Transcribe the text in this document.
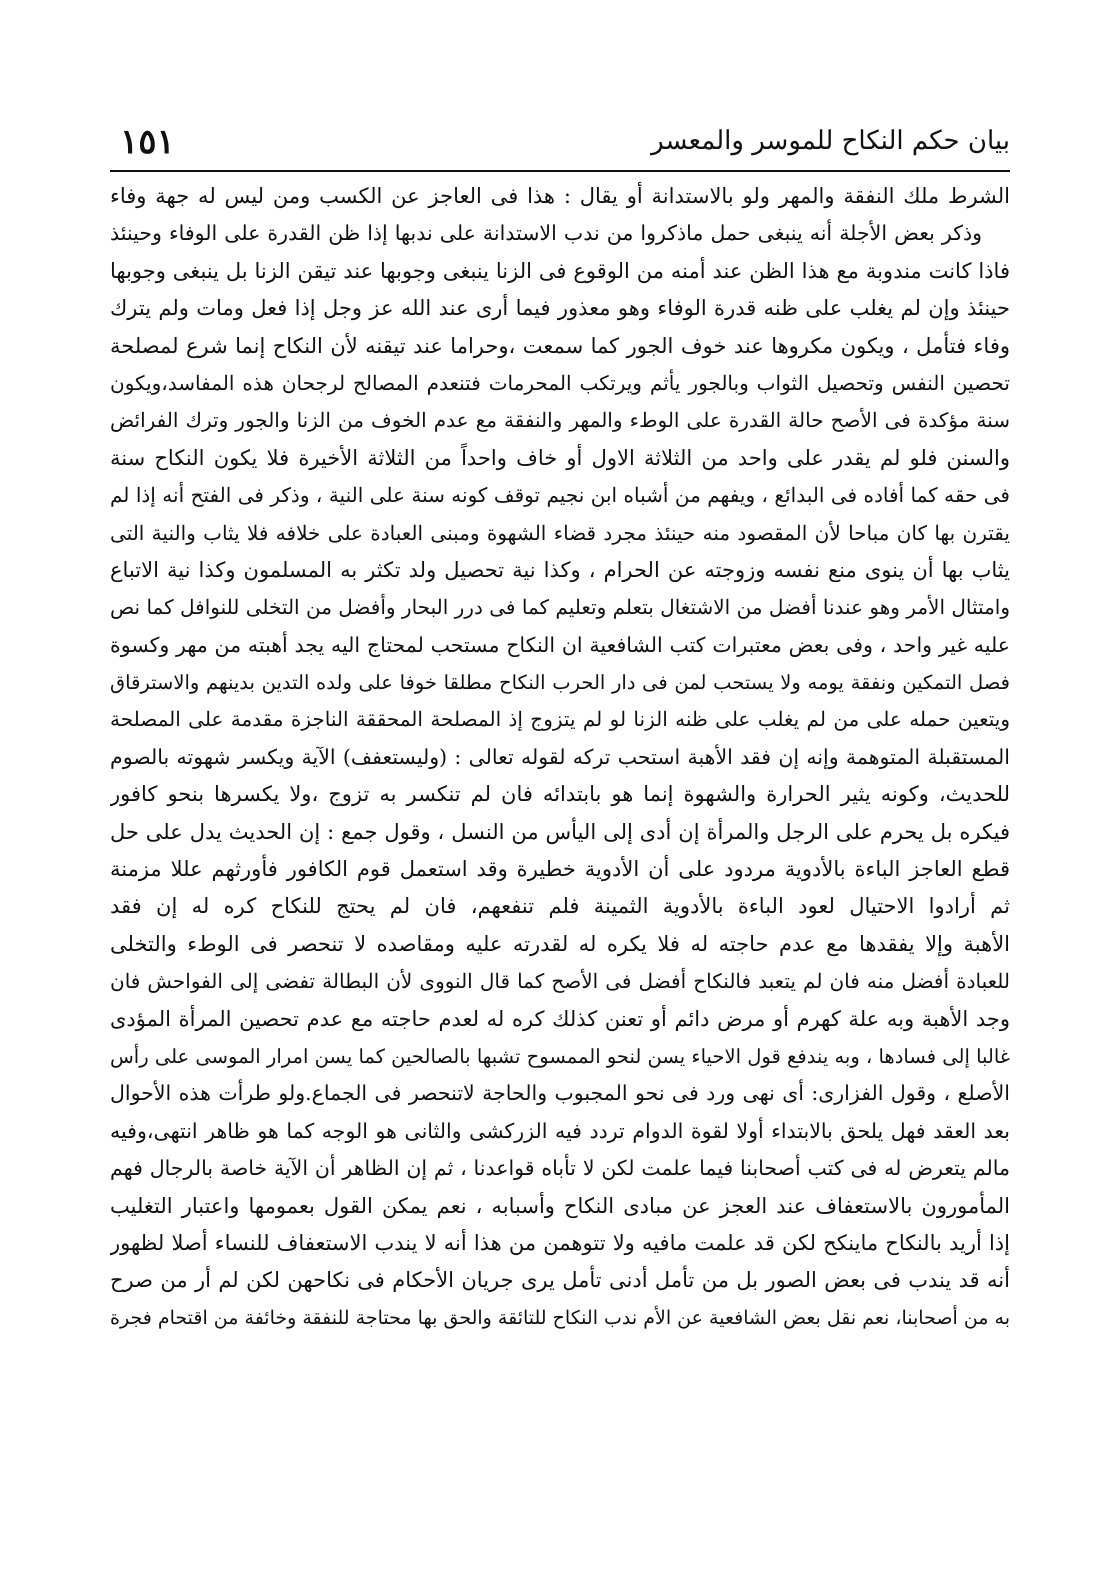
بيان حكم النكاح للموسر والمعسر
١٥١
الشرط ملك النفقة والمهر ولو بالاستدانة أو يقال : هذا فى العاجز عن الكسب ومن ليس له جهة وفاء
وذكر بعض الأجلة أنه ينبغى حمل ماذكروا من ندب الاستدانة على ندبها إذا ظن القدرة على الوفاء وحينئذ
فاذا كانت مندوبة مع هذا الظن عند أمنه من الوقوع فى الزنا ينبغى وجوبها عند تيقن الزنا بل ينبغى وجوبها
حينئذ وإن لم يغلب على ظنه قدرة الوفاء وهو معذور فيما أرى عند الله عز وجل إذا فعل ومات ولم يترك
وفاء فتأمل ، ويكون مكروها عند خوف الجور كما سمعت ،وحراما عند تيقنه لأن النكاح إنما شرع لمصلحة
تحصين النفس وتحصيل الثواب وبالجور يأثم ويرتكب المحرمات فتنعدم المصالح لرجحان هذه المفاسد،ويكون
سنة مؤكدة فى الأصح حالة القدرة على الوطء والمهر والنفقة مع عدم الخوف من الزنا والجور وترك الفرائض
والسنن فلو لم يقدر على واحد من الثلاثة الاول أو خاف واحداً من الثلاثة الأخيرة فلا يكون النكاح سنة
فى حقه كما أفاده فى البدائع ، ويفهم من أشباه ابن نجيم توقف كونه سنة على النية ، وذكر فى الفتح أنه إذا لم
يقترن بها كان مباحا لأن المقصود منه حينئذ مجرد قضاء الشهوة ومبنى العبادة على خلافه فلا يثاب والنية التى
يثاب بها أن ينوى منع نفسه وزوجته عن الحرام ، وكذا نية تحصيل ولد تكثر به المسلمون وكذا نية الاتباع
وامتثال الأمر وهو عندنا أفضل من الاشتغال بتعلم وتعليم كما فى درر البحار وأفضل من التخلى للنوافل كما نص
عليه غير واحد ، وفى بعض معتبرات كتب الشافعية ان النكاح مستحب لمحتاج اليه يجد أهبته من مهر وكسوة
فصل التمكين ونفقة يومه ولا يستحب لمن فى دار الحرب النكاح مطلقا خوفا على ولده التدين بدينهم والاسترقاق
ويتعين حمله على من لم يغلب على ظنه الزنا لو لم يتزوج إذ المصلحة المحققة الناجزة مقدمة على المصلحة
المستقبلة المتوهمة وإنه إن فقد الأهبة استحب تركه لقوله تعالى : (وليستعفف) الآية ويكسر شهوته بالصوم
للحديث، وكونه يثير الحرارة والشهوة إنما هو بابتدائه فان لم تنكسر به تزوج ،ولا يكسرها بنحو كافور
فيكره بل يحرم على الرجل والمرأة إن أدى إلى اليأس من النسل ، وقول جمع : إن الحديث يدل على حل
قطع العاجز الباءة بالأدوية مردود على أن الأدوية خطيرة وقد استعمل قوم الكافور فأورثهم عللا مزمنة
ثم أرادوا الاحتيال لعود الباءة بالأدوية الثمينة فلم تنفعهم، فان لم يحتج للنكاح كره له إن فقد
الأهبة وإلا يفقدها مع عدم حاجته له فلا يكره له لقدرته عليه ومقاصده لا تنحصر فى الوطء والتخلى
للعبادة أفضل منه فان لم يتعبد فالنكاح أفضل فى الأصح كما قال النووى لأن البطالة تفضى إلى الفواحش فان
وجد الأهبة وبه علة كهرم أو مرض دائم أو تعنن كذلك كره له لعدم حاجته مع عدم تحصين المرأة المؤدى
غالبا إلى فسادها ، وبه يندفع قول الاحياء يسن لنحو الممسوح تشبها بالصالحين كما يسن امرار الموسى على رأس
الأصلع ، وقول الفزارى: أى نهى ورد فى نحو المجبوب والحاجة لاتنحصر فى الجماع.ولو طرأت هذه الأحوال
بعد العقد فهل يلحق بالابتداء أولا لقوة الدوام تردد فيه الزركشى والثانى هو الوجه كما هو ظاهر انتهى،وفيه
مالم يتعرض له فى كتب أصحابنا فيما علمت لكن لا تأباه قواعدنا ، ثم إن الظاهر أن الآية خاصة بالرجال فهم
المأمورون بالاستعفاف عند العجز عن مبادى النكاح وأسبابه ، نعم يمكن القول بعمومها واعتبار التغليب
إذا أريد بالنكاح ماينكح لكن قد علمت مافيه ولا تتوهمن من هذا أنه لا يندب الاستعفاف للنساء أصلا لظهور
أنه قد يندب فى بعض الصور بل من تأمل أدنى تأمل يرى جريان الأحكام فى نكاحهن لكن لم أر من صرح
به من أصحابنا، نعم نقل بعض الشافعية عن الأم ندب النكاح للتائقة والحق بها محتاجة للنفقة وخائفة من اقتحام فجرة
